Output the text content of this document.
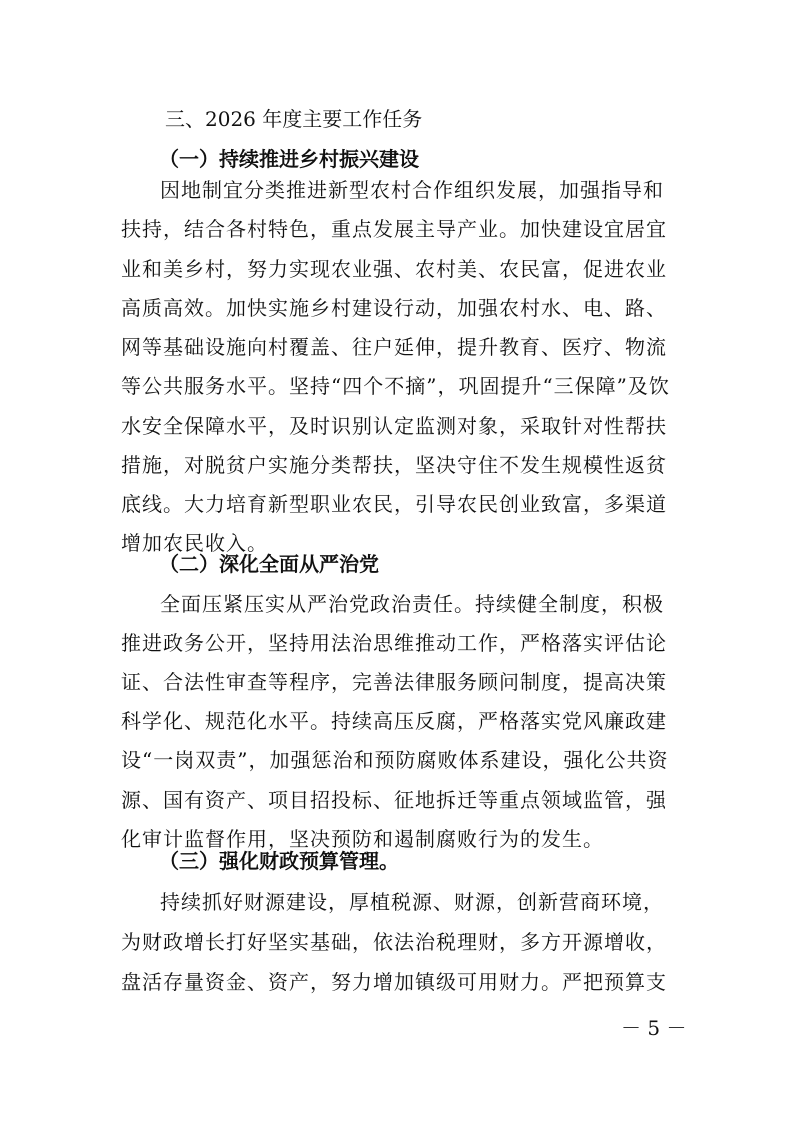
三、2026 年度主要工作任务
（一）持续推进乡村振兴建设
因地制宜分类推进新型农村合作组织发展，加强指导和
扶持，结合各村特色，重点发展主导产业。加快建设宜居宜
业和美乡村，努力实现农业强、农村美、农民富，促进农业
高质高效。加快实施乡村建设行动，加强农村水、电、路、
网等基础设施向村覆盖、往户延伸，提升教育、医疗、物流
等公共服务水平。坚持“四个不摘”，巩固提升“三保障”及饮
水安全保障水平，及时识别认定监测对象，采取针对性帮扶
措施，对脱贫户实施分类帮扶，坚决守住不发生规模性返贫
底线。大力培育新型职业农民，引导农民创业致富，多渠道
增加农民收入。
（二）深化全面从严治党
全面压紧压实从严治党政治责任。持续健全制度，积极
推进政务公开，坚持用法治思维推动工作，严格落实评估论
证、合法性审查等程序，完善法律服务顾问制度，提高决策
科学化、规范化水平。持续高压反腐，严格落实党风廉政建
设“一岗双责”，加强惩治和预防腐败体系建设，强化公共资
源、国有资产、项目招投标、征地拆迁等重点领域监管，强
化审计监督作用，坚决预防和遏制腐败行为的发生。
（三）强化财政预算管理。
持续抓好财源建设，厚植税源、财源，创新营商环境，
为财政增长打好坚实基础，依法治税理财，多方开源增收，
盘活存量资金、资产，努力增加镇级可用财力。严把预算支
－ 5 －
